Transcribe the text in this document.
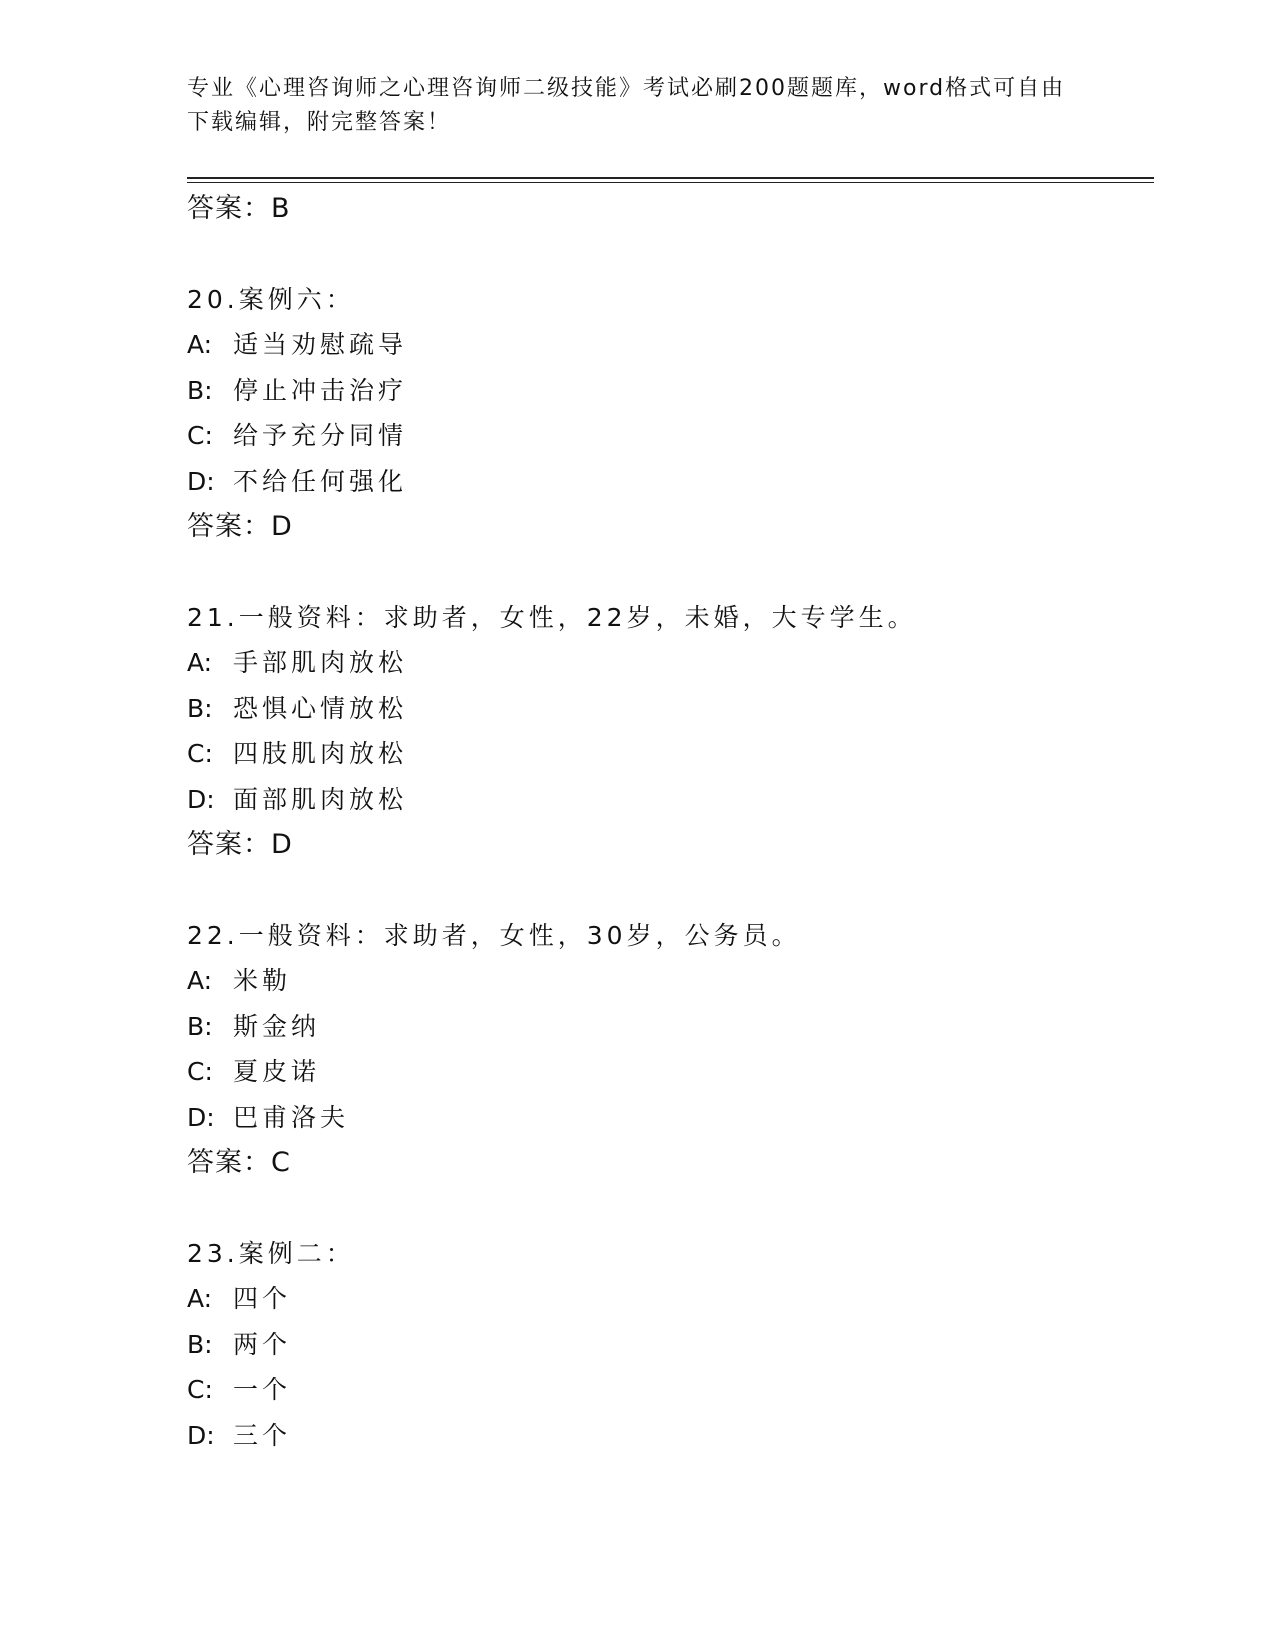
专业《心理咨询师之心理咨询师二级技能》考试必刷200题题库，word格式可自由下载编辑，附完整答案！
答案：B
20.案例六：
A: 适当劝慰疏导
B: 停止冲击治疗
C: 给予充分同情
D: 不给任何强化
答案：D
21.一般资料：求助者，女性，22岁，未婚，大专学生。
A: 手部肌肉放松
B: 恐惧心情放松
C: 四肢肌肉放松
D: 面部肌肉放松
答案：D
22.一般资料：求助者，女性，30岁，公务员。
A: 米勒
B: 斯金纳
C: 夏皮诺
D: 巴甫洛夫
答案：C
23.案例二：
A: 四个
B: 两个
C: 一个
D: 三个
